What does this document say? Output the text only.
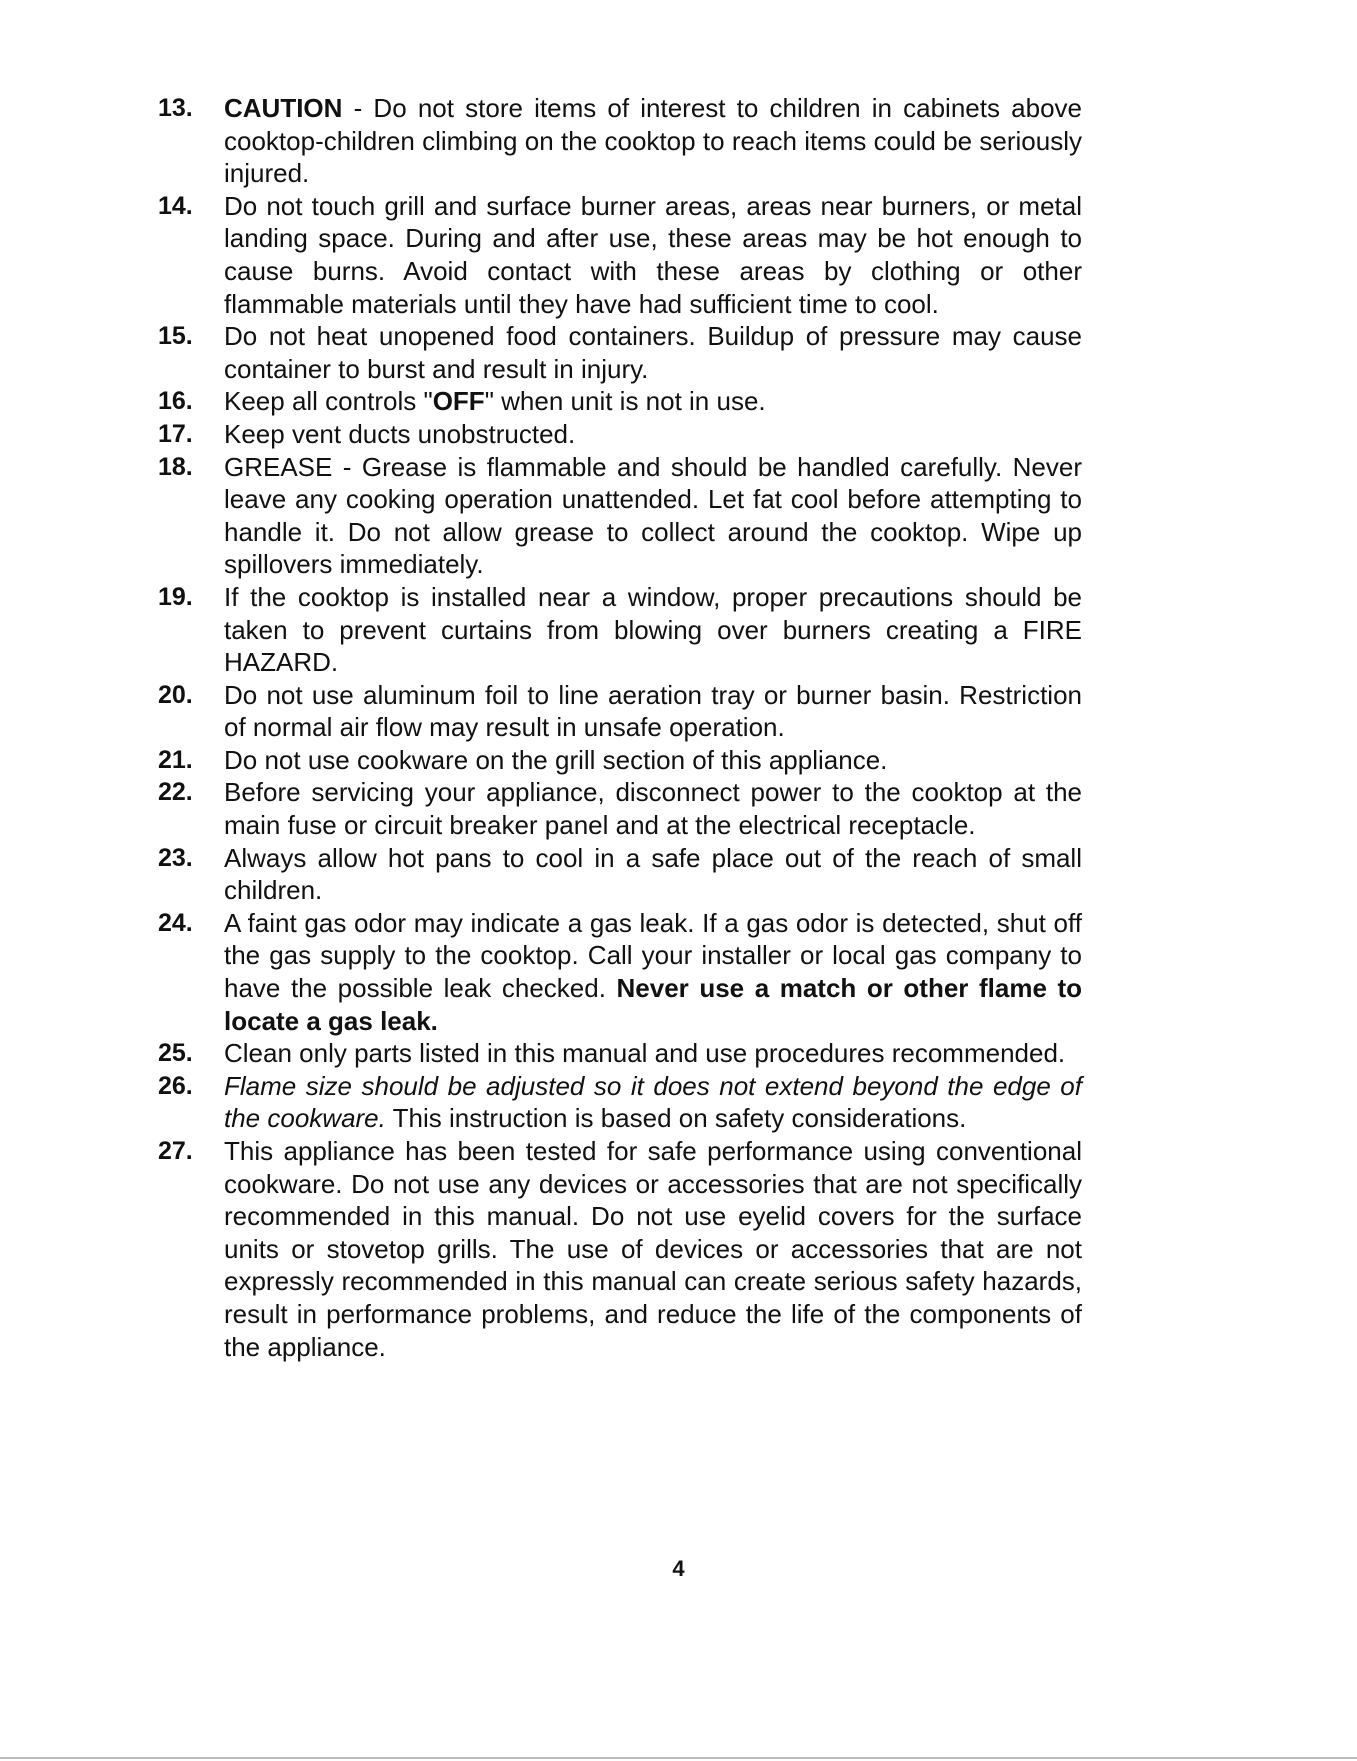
13.	CAUTION - Do not store items of interest to children in cabinets above cooktop-children climbing on the cooktop to reach items could be seriously injured.
14.	Do not touch grill and surface burner areas, areas near burners, or metal landing space. During and after use, these areas may be hot enough to cause burns. Avoid contact with these areas by clothing or other flammable materials until they have had sufficient time to cool.
15.	Do not heat unopened food containers. Buildup of pressure may cause container to burst and result in injury.
16.	Keep all controls "OFF" when unit is not in use.
17.	Keep vent ducts unobstructed.
18.	GREASE - Grease is flammable and should be handled carefully. Never leave any cooking operation unattended. Let fat cool before attempting to handle it. Do not allow grease to collect around the cooktop. Wipe up spillovers immediately.
19.	If the cooktop is installed near a window, proper precautions should be taken to prevent curtains from blowing over burners creating a FIRE HAZARD.
20.	Do not use aluminum foil to line aeration tray or burner basin. Restriction of normal air flow may result in unsafe operation.
21.	Do not use cookware on the grill section of this appliance.
22.	Before servicing your appliance, disconnect power to the cooktop at the main fuse or circuit breaker panel and at the electrical receptacle.
23.	Always allow hot pans to cool in a safe place out of the reach of small children.
24.	A faint gas odor may indicate a gas leak. If a gas odor is detected, shut off the gas supply to the cooktop. Call your installer or local gas company to have the possible leak checked. Never use a match or other flame to locate a gas leak.
25.	Clean only parts listed in this manual and use procedures recommended.
26.	Flame size should be adjusted so it does not extend beyond the edge of the cookware. This instruction is based on safety considerations.
27.	This appliance has been tested for safe performance using conventional cookware. Do not use any devices or accessories that are not specifically recommended in this manual. Do not use eyelid covers for the surface units or stovetop grills. The use of devices or accessories that are not expressly recommended in this manual can create serious safety hazards, result in performance problems, and reduce the life of the components of the appliance.
4
